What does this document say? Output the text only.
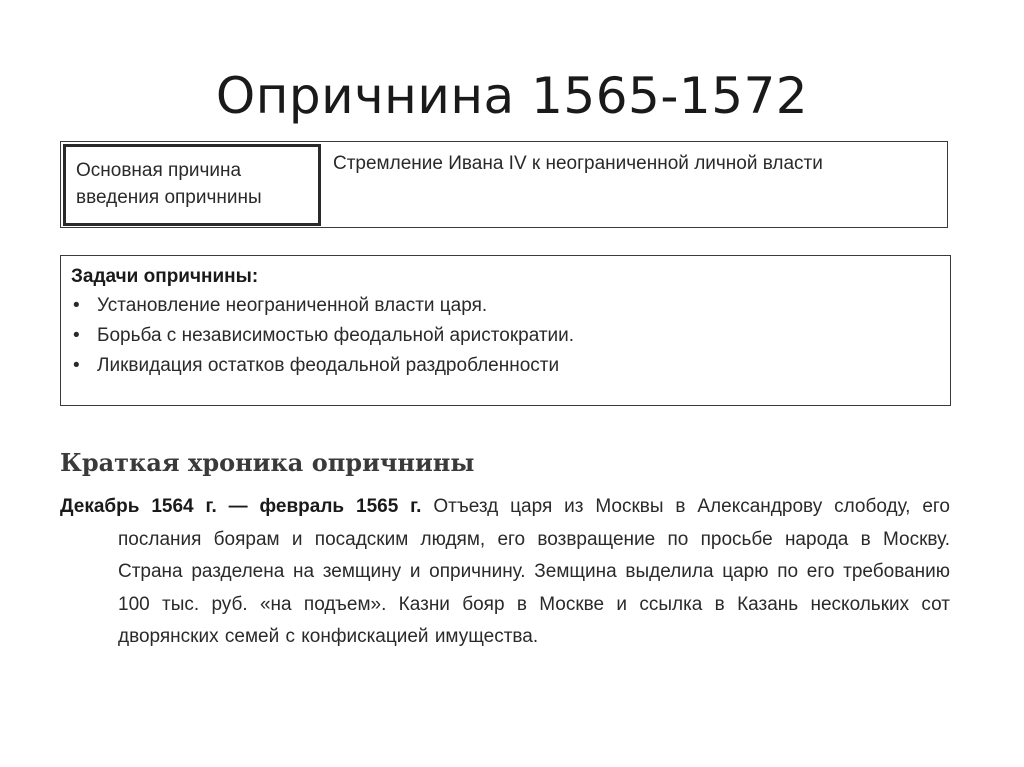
Опричнина 1565-1572
Основная причина введения опричнины
Стремление Ивана IV к неограниченной личной власти
Задачи опричнины:
• Установление неограниченной власти царя.
• Борьба с независимостью феодальной аристократии.
• Ликвидация остатков феодальной раздробленности
Краткая хроника опричнины
Декабрь 1564 г. — февраль 1565 г. Отъезд царя из Москвы в Александрову слободу, его послания боярам и посадским людям, его возвращение по просьбе народа в Москву. Страна разделена на земщину и опричнину. Земщина выделила царю по его требованию 100 тыс. руб. «на подъем». Казни бояр в Москве и ссылка в Казань нескольких сот дворянских семей с конфискацией имущества.
